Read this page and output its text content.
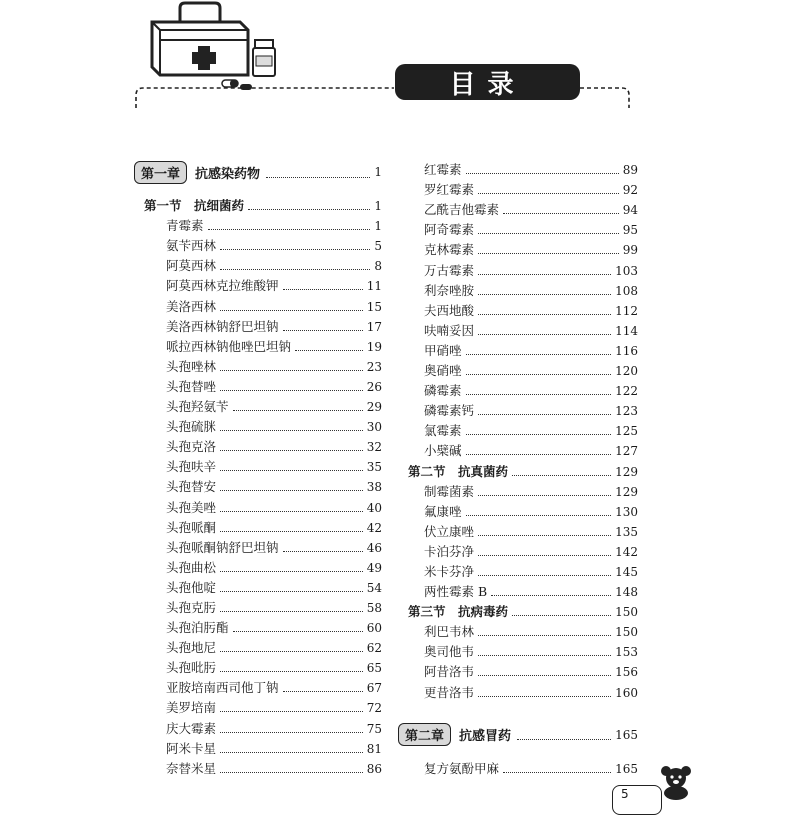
目录
第一章	抗感染药物	1
第一节　抗细菌药	1
青霉素	1
氨苄西林	5
阿莫西林	8
阿莫西林克拉维酸钾	11
美洛西林	15
美洛西林钠舒巴坦钠	17
哌拉西林钠他唑巴坦钠	19
头孢唑林	23
头孢替唑	26
头孢羟氨苄	29
头孢硫脒	30
头孢克洛	32
头孢呋辛	35
头孢替安	38
头孢美唑	40
头孢哌酮	42
头孢哌酮钠舒巴坦钠	46
头孢曲松	49
头孢他啶	54
头孢克肟	58
头孢泊肟酯	60
头孢地尼	62
头孢吡肟	65
亚胺培南西司他丁钠	67
美罗培南	72
庆大霉素	75
阿米卡星	81
奈替米星	86
红霉素	89
罗红霉素	92
乙酰吉他霉素	94
阿奇霉素	95
克林霉素	99
万古霉素	103
利奈唑胺	108
夫西地酸	112
呋喃妥因	114
甲硝唑	116
奥硝唑	120
磷霉素	122
磷霉素钙	123
氯霉素	125
小檗碱	127
第二节　抗真菌药	129
制霉菌素	129
氟康唑	130
伏立康唑	135
卡泊芬净	142
米卡芬净	145
两性霉素 B	148
第三节　抗病毒药	150
利巴韦林	150
奥司他韦	153
阿昔洛韦	156
更昔洛韦	160
第二章	抗感冒药	165
复方氨酚甲麻	165
5
